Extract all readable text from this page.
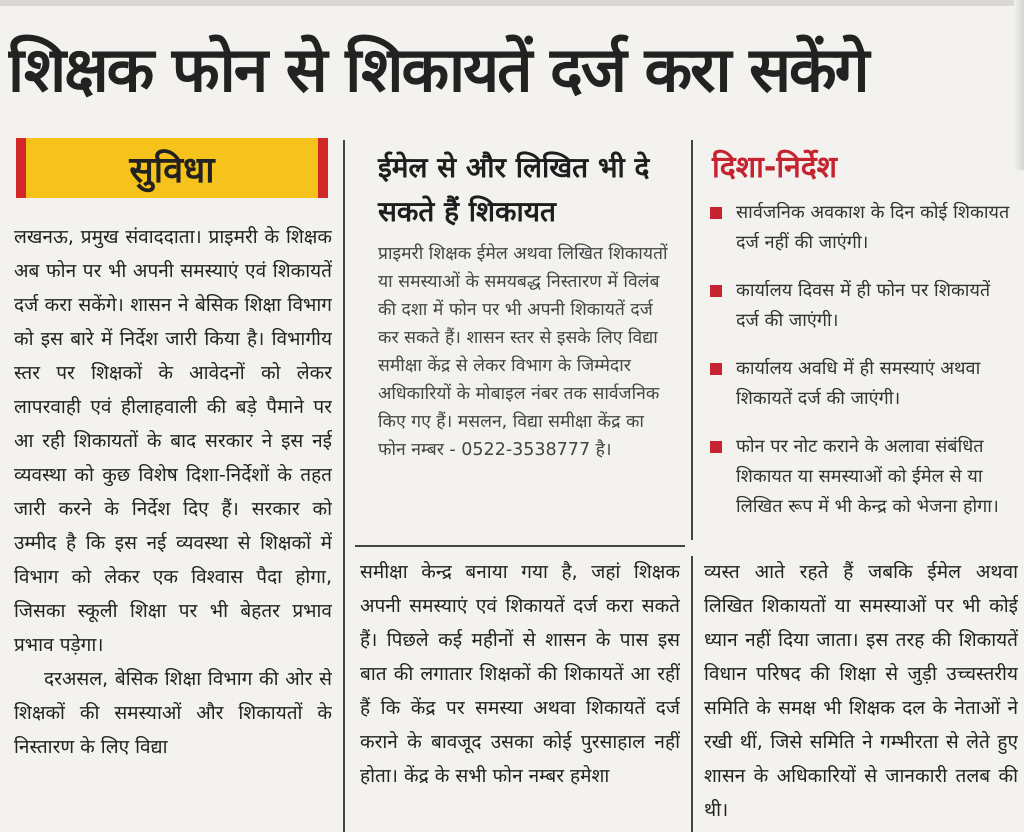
शिक्षक फोन से शिकायतें दर्ज करा सकेंगे
सुविधा

लखनऊ, प्रमुख संवाददाता। प्राइमरी के शिक्षक अब फोन पर भी अपनी समस्याएं एवं शिकायतें दर्ज करा सकेंगे। शासन ने बेसिक शिक्षा विभाग को इस बारे में निर्देश जारी किया है। विभागीय स्तर पर शिक्षकों के आवेदनों को लेकर लापरवाही एवं हीलाहवाली की बड़े पैमाने पर आ रही शिकायतों के बाद सरकार ने इस नई व्यवस्था को कुछ विशेष दिशा-निर्देशों के तहत जारी करने के निर्देश दिए हैं। सरकार को उम्मीद है कि इस नई व्यवस्था से शिक्षकों में विभाग को लेकर एक विश्वास पैदा होगा, जिसका स्कूली शिक्षा पर भी बेहतर प्रभाव प्रभाव पड़ेगा।

दरअसल, बेसिक शिक्षा विभाग की ओर से शिक्षकों की समस्याओं और शिकायतों के निस्तारण के लिए विद्या

ईमेल से और लिखित भी दे सकते हैं शिकायत
प्राइमरी शिक्षक ईमेल अथवा लिखित शिकायतों या समस्याओं के समयबद्ध निस्तारण में विलंब की दशा में फोन पर भी अपनी शिकायतें दर्ज कर सकते हैं। शासन स्तर से इसके लिए विद्या समीक्षा केंद्र से लेकर विभाग के जिम्मेदार अधिकारियों के मोबाइल नंबर तक सार्वजनिक किए गए हैं। मसलन, विद्या समीक्षा केंद्र का फोन नम्बर - 0522-3538777 है।
दिशा-निर्देश
सार्वजनिक अवकाश के दिन कोई शिकायत दर्ज नहीं की जाएंगी।
कार्यालय दिवस में ही फोन पर शिकायतें दर्ज की जाएंगी।
कार्यालय अवधि में ही समस्याएं अथवा शिकायतें दर्ज की जाएंगी।
फोन पर नोट कराने के अलावा संबंधित शिकायत या समस्याओं को ईमेल से या लिखित रूप में भी केन्द्र को भेजना होगा।
समीक्षा केन्द्र बनाया गया है, जहां शिक्षक अपनी समस्याएं एवं शिकायतें दर्ज करा सकते हैं। पिछले कई महीनों से शासन के पास इस बात की लगातार शिक्षकों की शिकायतें आ रहीं हैं कि केंद्र पर समस्या अथवा शिकायतें दर्ज कराने के बावजूद उसका कोई पुरसाहाल नहीं होता। केंद्र के सभी फोन नम्बर हमेशा
व्यस्त आते रहते हैं जबकि ईमेल अथवा लिखित शिकायतों या समस्याओं पर भी कोई ध्यान नहीं दिया जाता। इस तरह की शिकायतें विधान परिषद की शिक्षा से जुड़ी उच्चस्तरीय समिति के समक्ष भी शिक्षक दल के नेताओं ने रखी थीं, जिसे समिति ने गम्भीरता से लेते हुए शासन के अधिकारियों से जानकारी तलब की थी।
